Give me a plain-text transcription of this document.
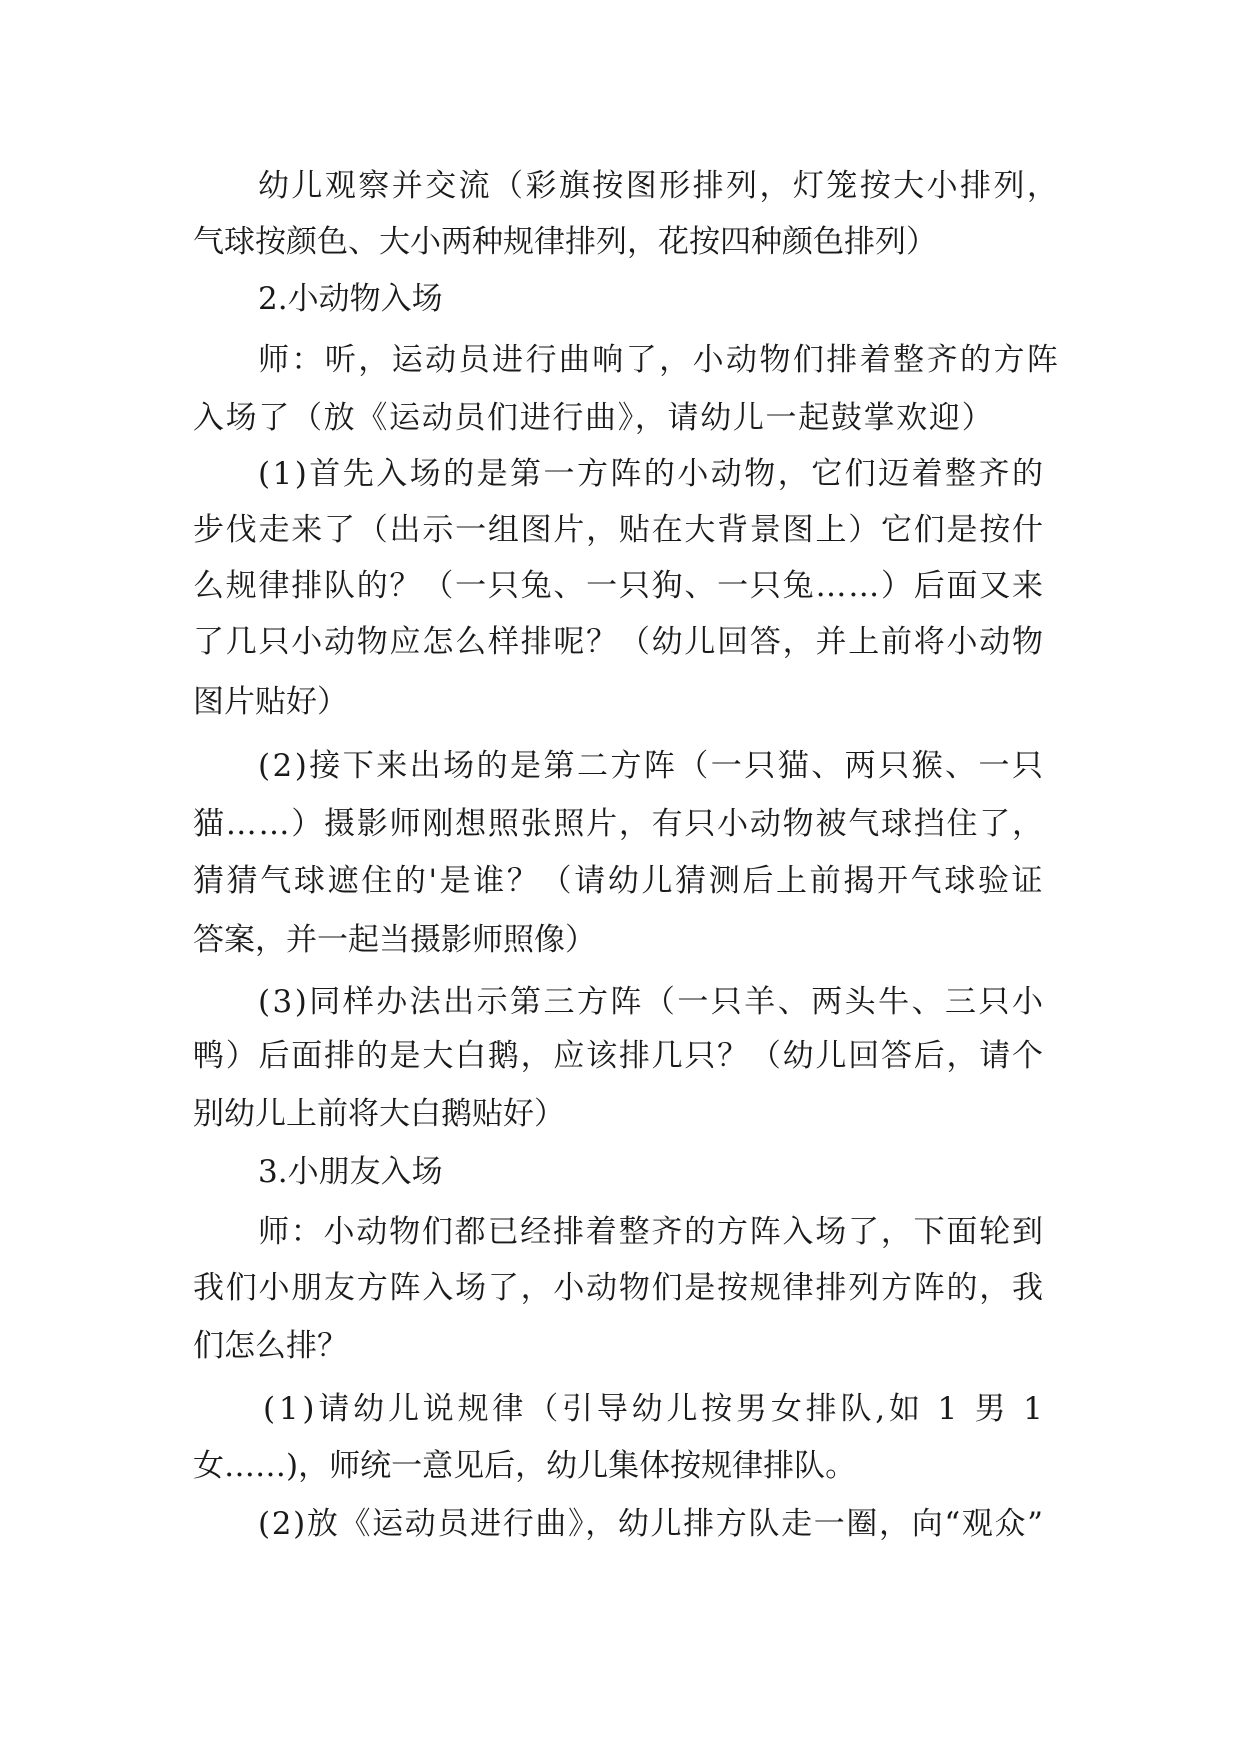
幼儿观察并交流（彩旗按图形排列，灯笼按大小排列，
气球按颜色、大小两种规律排列，花按四种颜色排列）
2.小动物入场
师：听，运动员进行曲响了，小动物们排着整齐的方阵
入场了（放《运动员们进行曲》，请幼儿一起鼓掌欢迎）
(1)首先入场的是第一方阵的小动物，它们迈着整齐的
步伐走来了（出示一组图片，贴在大背景图上）它们是按什
么规律排队的？（一只兔、一只狗、一只兔……）后面又来
了几只小动物应怎么样排呢？（幼儿回答，并上前将小动物
图片贴好）
(2)接下来出场的是第二方阵（一只猫、两只猴、一只
猫……）摄影师刚想照张照片，有只小动物被气球挡住了，
猜猜气球遮住的'是谁？（请幼儿猜测后上前揭开气球验证
答案，并一起当摄影师照像）
(3)同样办法出示第三方阵（一只羊、两头牛、三只小
鸭）后面排的是大白鹅，应该排几只？（幼儿回答后，请个
别幼儿上前将大白鹅贴好）
3.小朋友入场
师：小动物们都已经排着整齐的方阵入场了，下面轮到
我们小朋友方阵入场了，小动物们是按规律排列方阵的，我
们怎么排？
(1)请幼儿说规律（引导幼儿按男女排队,如 1 男 1
女……)，师统一意见后，幼儿集体按规律排队。
(2)放《运动员进行曲》，幼儿排方队走一圈，向“观众”
